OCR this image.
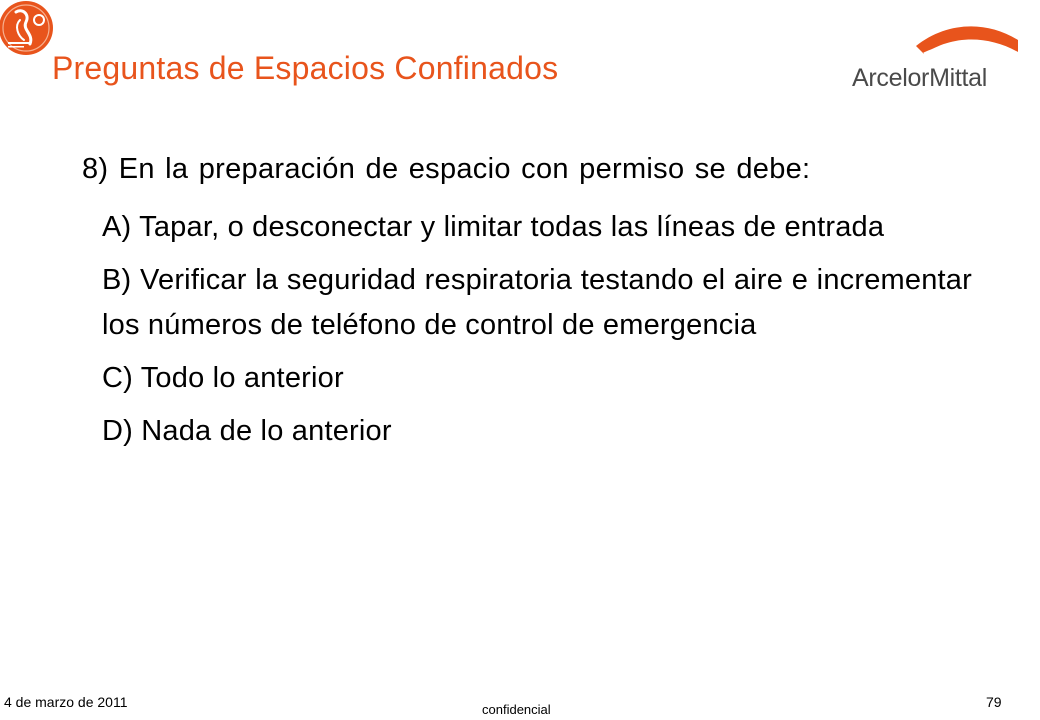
Preguntas de Espacios Confinados	ArcelorMittal
8) En la preparación de espacio con permiso se debe:
A) Tapar, o desconectar y limitar todas las líneas de entrada
B) Verificar la seguridad respiratoria testando el aire e incrementar los números de teléfono de control de emergencia
C) Todo lo anterior
D) Nada de lo anterior
4 de marzo de 2011	confidencial	79
